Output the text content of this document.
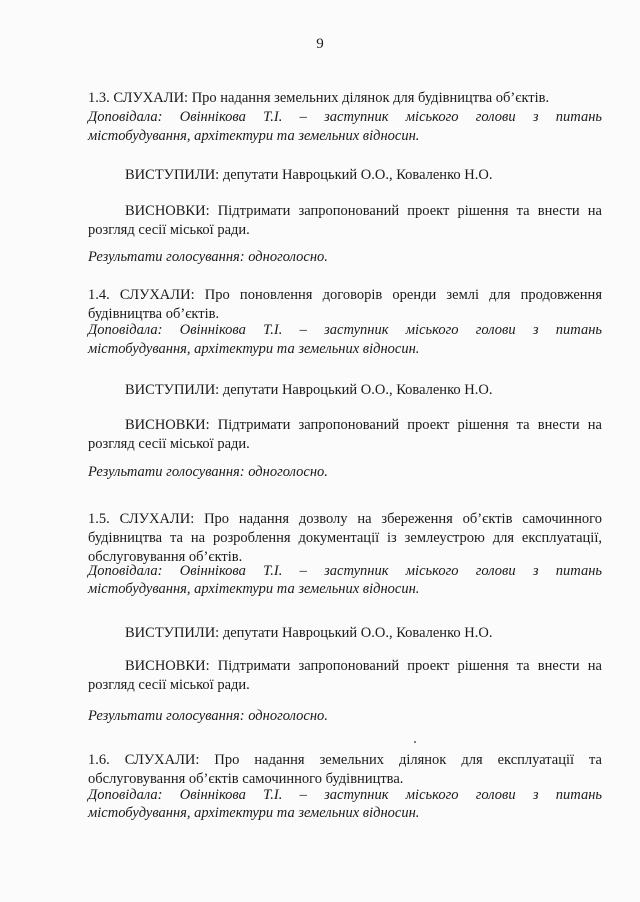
9
1.3. СЛУХАЛИ: Про надання земельних ділянок для будівництва об’єктів.
Доповідала: Овіннікова Т.І. – заступник міського голови з питань
містобудування, архітектури та земельних відносин.
ВИСТУПИЛИ: депутати Навроцький О.О., Коваленко Н.О.
ВИСНОВКИ: Підтримати запропонований проект рішення та внести на розгляд сесії міської ради.
Результати голосування: одноголосно.
1.4. СЛУХАЛИ: Про поновлення договорів оренди землі для продовження будівництва об’єктів.
Доповідала: Овіннікова Т.І. – заступник міського голови з питань
містобудування, архітектури та земельних відносин.
ВИСТУПИЛИ: депутати Навроцький О.О., Коваленко Н.О.
ВИСНОВКИ: Підтримати запропонований проект рішення та внести на розгляд сесії міської ради.
Результати голосування: одноголосно.
1.5. СЛУХАЛИ: Про надання дозволу на збереження об’єктів самочинного будівництва та на розроблення документації із землеустрою для експлуатації, обслуговування об’єктів.
Доповідала: Овіннікова Т.І. – заступник міського голови з питань
містобудування, архітектури та земельних відносин.
ВИСТУПИЛИ: депутати Навроцький О.О., Коваленко Н.О.
ВИСНОВКИ: Підтримати запропонований проект рішення та внести на розгляд сесії міської ради.
Результати голосування: одноголосно.
1.6. СЛУХАЛИ: Про надання земельних ділянок для експлуатації та обслуговування об’єктів самочинного будівництва.
Доповідала: Овіннікова Т.І. – заступник міського голови з питань
містобудування, архітектури та земельних відносин.
